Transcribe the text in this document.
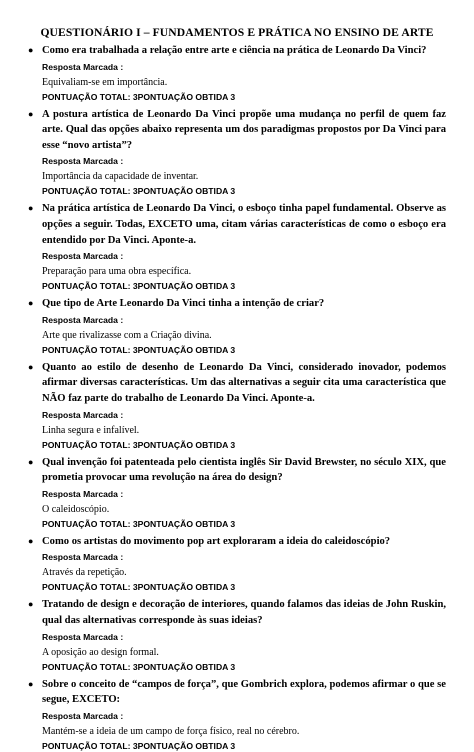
QUESTIONÁRIO I – FUNDAMENTOS E PRÁTICA NO ENSINO DE ARTE
● Como era trabalhada a relação entre arte e ciência na prática de Leonardo Da Vinci?
Resposta Marcada :
Equivaliam-se em importância.
PONTUAÇÃO TOTAL: 3PONTUAÇÃO OBTIDA 3
● A postura artística de Leonardo Da Vinci propõe uma mudança no perfil de quem faz arte. Qual das opções abaixo representa um dos paradigmas propostos por Da Vinci para esse “novo artista”?
Resposta Marcada :
Importância da capacidade de inventar.
PONTUAÇÃO TOTAL: 3PONTUAÇÃO OBTIDA 3
● Na prática artística de Leonardo Da Vinci, o esboço tinha papel fundamental. Observe as opções a seguir. Todas, EXCETO uma, citam várias características de como o esboço era entendido por Da Vinci. Aponte-a.
Resposta Marcada :
Preparação para uma obra específica.
PONTUAÇÃO TOTAL: 3PONTUAÇÃO OBTIDA 3
● Que tipo de Arte Leonardo Da Vinci tinha a intenção de criar?
Resposta Marcada :
Arte que rivalizasse com a Criação divina.
PONTUAÇÃO TOTAL: 3PONTUAÇÃO OBTIDA 3
● Quanto ao estilo de desenho de Leonardo Da Vinci, considerado inovador, podemos afirmar diversas características. Um das alternativas a seguir cita uma característica que NÃO faz parte do trabalho de Leonardo Da Vinci. Aponte-a.
Resposta Marcada :
Linha segura e infalível.
PONTUAÇÃO TOTAL: 3PONTUAÇÃO OBTIDA 3
● Qual invenção foi patenteada pelo cientista inglês Sir David Brewster, no século XIX, que prometia provocar uma revolução na área do design?
Resposta Marcada :
O caleidoscópio.
PONTUAÇÃO TOTAL: 3PONTUAÇÃO OBTIDA 3
● Como os artistas do movimento pop art exploraram a ideia do caleidoscópio?
Resposta Marcada :
Através da repetição.
PONTUAÇÃO TOTAL: 3PONTUAÇÃO OBTIDA 3
● Tratando de design e decoração de interiores, quando falamos das ideias de John Ruskin, qual das alternativas corresponde às suas ideias?
Resposta Marcada :
A oposição ao design formal.
PONTUAÇÃO TOTAL: 3PONTUAÇÃO OBTIDA 3
● Sobre o conceito de “campos de força”, que Gombrich explora, podemos afirmar o que se segue, EXCETO:
Resposta Marcada :
Mantém-se a ideia de um campo de força físico, real no cérebro.
PONTUAÇÃO TOTAL: 3PONTUAÇÃO OBTIDA 3
